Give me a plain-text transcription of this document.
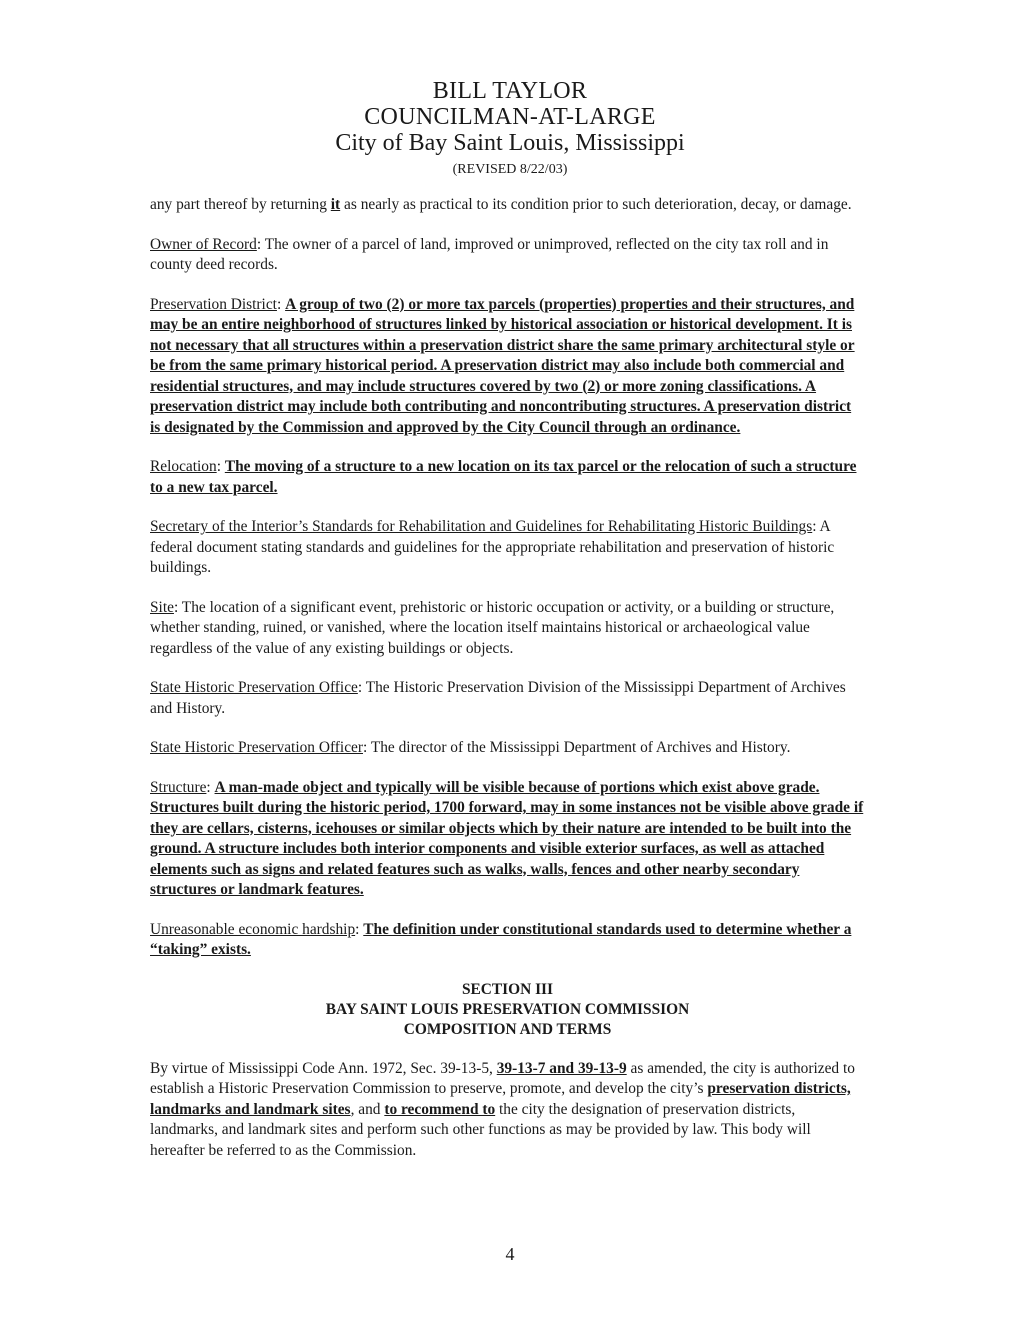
BILL TAYLOR
COUNCILMAN-AT-LARGE
City of Bay Saint Louis, Mississippi
(REVISED 8/22/03)

any part thereof by returning it as nearly as practical to its condition prior to such deterioration, decay, or damage.

Owner of Record: The owner of a parcel of land, improved or unimproved, reflected on the city tax roll and in county deed records.

Preservation District: A group of two (2) or more tax parcels (properties) properties and their structures, and may be an entire neighborhood of structures linked by historical association or historical development. It is not necessary that all structures within a preservation district share the same primary architectural style or be from the same primary historical period. A preservation district may also include both commercial and residential structures, and may include structures covered by two (2) or more zoning classifications. A preservation district may include both contributing and noncontributing structures. A preservation district is designated by the Commission and approved by the City Council through an ordinance.

Relocation: The moving of a structure to a new location on its tax parcel or the relocation of such a structure to a new tax parcel.

Secretary of the Interior’s Standards for Rehabilitation and Guidelines for Rehabilitating Historic Buildings: A federal document stating standards and guidelines for the appropriate rehabilitation and preservation of historic buildings.

Site: The location of a significant event, prehistoric or historic occupation or activity, or a building or structure, whether standing, ruined, or vanished, where the location itself maintains historical or archaeological value regardless of the value of any existing buildings or objects.

State Historic Preservation Office: The Historic Preservation Division of the Mississippi Department of Archives and History.

State Historic Preservation Officer: The director of the Mississippi Department of Archives and History.

Structure: A man-made object and typically will be visible because of portions which exist above grade. Structures built during the historic period, 1700 forward, may in some instances not be visible above grade if they are cellars, cisterns, icehouses or similar objects which by their nature are intended to be built into the ground. A structure includes both interior components and visible exterior surfaces, as well as attached elements such as signs and related features such as walks, walls, fences and other nearby secondary structures or landmark features.

Unreasonable economic hardship: The definition under constitutional standards used to determine whether a “taking” exists.

SECTION III
BAY SAINT LOUIS PRESERVATION COMMISSION
COMPOSITION AND TERMS

By virtue of Mississippi Code Ann. 1972, Sec. 39-13-5, 39-13-7 and 39-13-9 as amended, the city is authorized to establish a Historic Preservation Commission to preserve, promote, and develop the city’s preservation districts, landmarks and landmark sites, and to recommend to the city the designation of preservation districts, landmarks, and landmark sites and perform such other functions as may be provided by law. This body will hereafter be referred to as the Commission.

4
